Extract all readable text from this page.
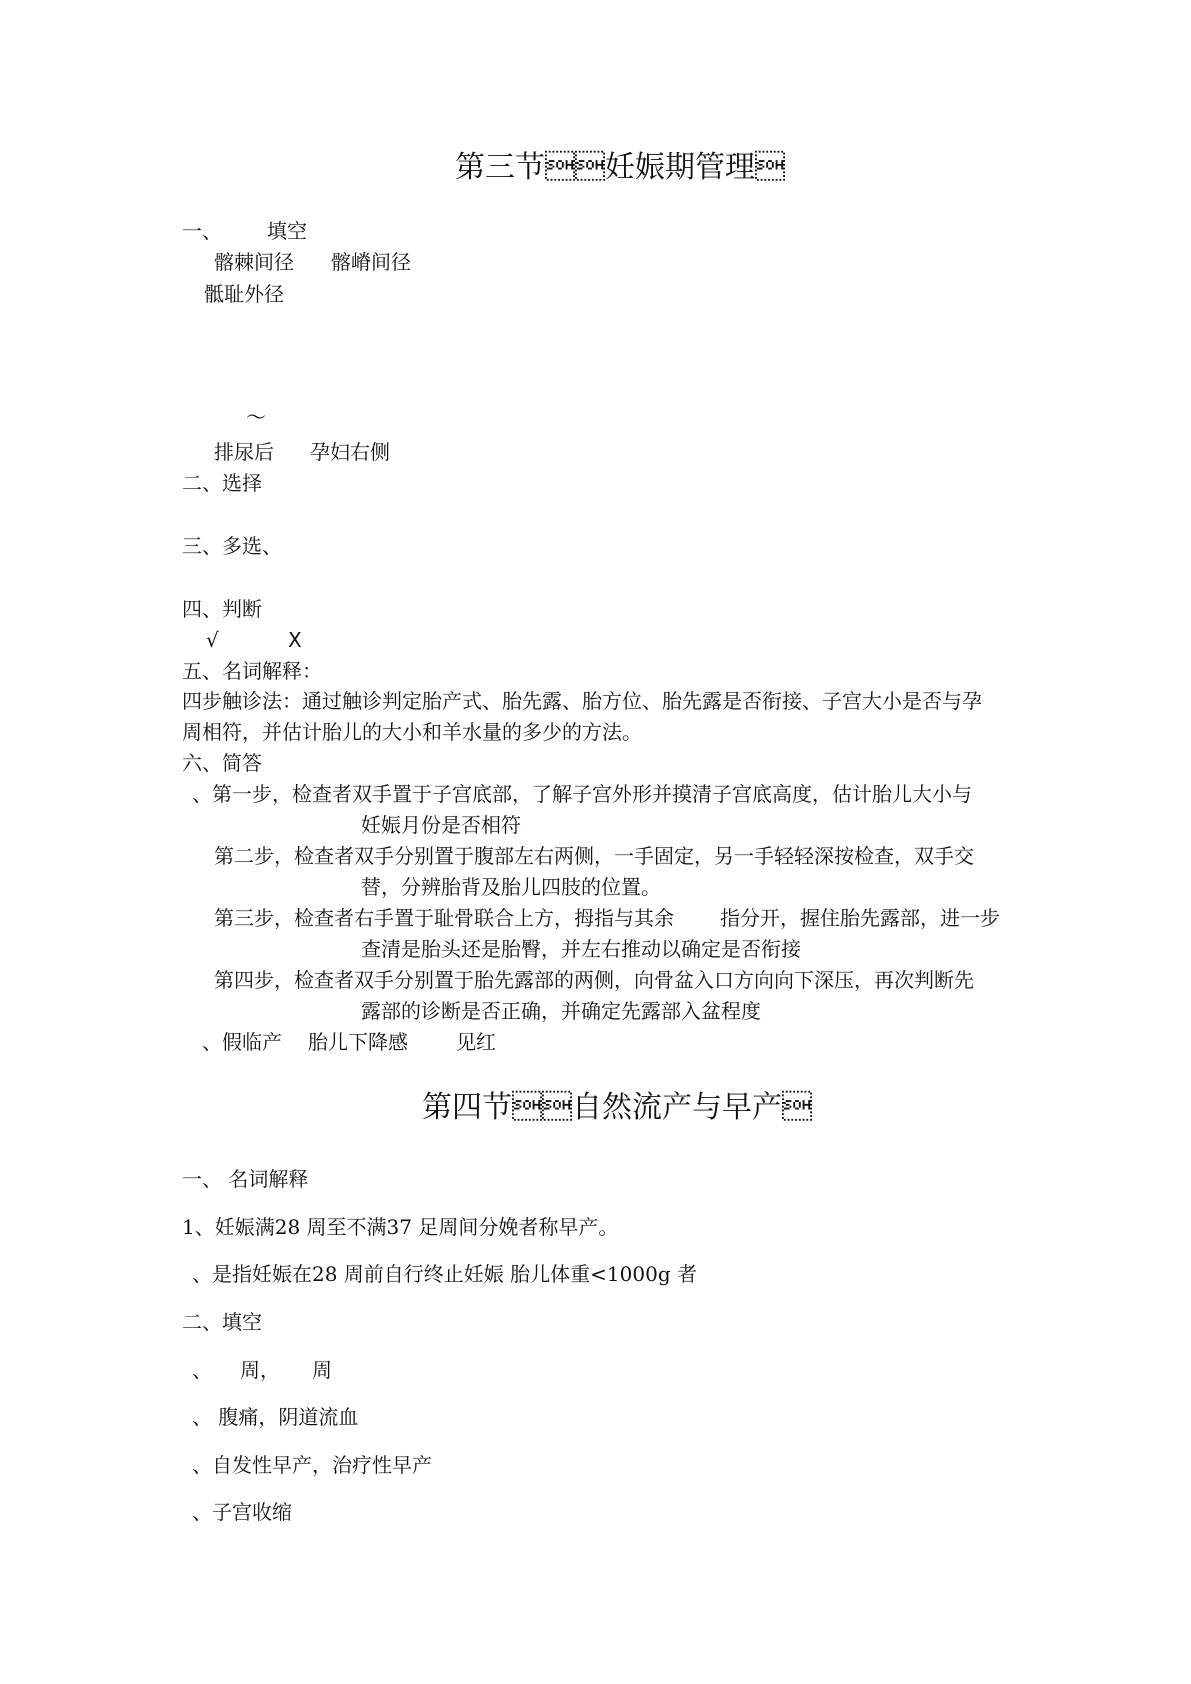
第三节妊娠期管理
一、 填空
髂棘间径 髂嵴间径
骶耻外径
～
排尿后 孕妇右侧
二、选择
三、多选、
四、判断
√	X
五、名词解释：
四步触诊法：通过触诊判定胎产式、胎先露、胎方位、胎先露是否衔接、子宫大小是否与孕
周相符，并估计胎儿的大小和羊水量的多少的方法。
六、简答
、第一步，检查者双手置于子宫底部，了解子宫外形并摸清子宫底高度，估计胎儿大小与
妊娠月份是否相符
第二步，检查者双手分别置于腹部左右两侧，一手固定，另一手轻轻深按检查，双手交
替，分辨胎背及胎儿四肢的位置。
第三步，检查者右手置于耻骨联合上方，拇指与其余 指分开，握住胎先露部，进一步
查清是胎头还是胎臀，并左右推动以确定是否衔接
第四步，检查者双手分别置于胎先露部的两侧，向骨盆入口方向向下深压，再次判断先
露部的诊断是否正确，并确定先露部入盆程度
、假临产 胎儿下降感 见红
第四节自然流产与早产
一、 名词解释
1、妊娠满28 周至不满37 足周间分娩者称早产。
、是指妊娠在28 周前自行终止妊娠 胎儿体重<1000g 者
二、填空
、 周， 周
、 腹痛，阴道流血
、自发性早产，治疗性早产
、子宫收缩
